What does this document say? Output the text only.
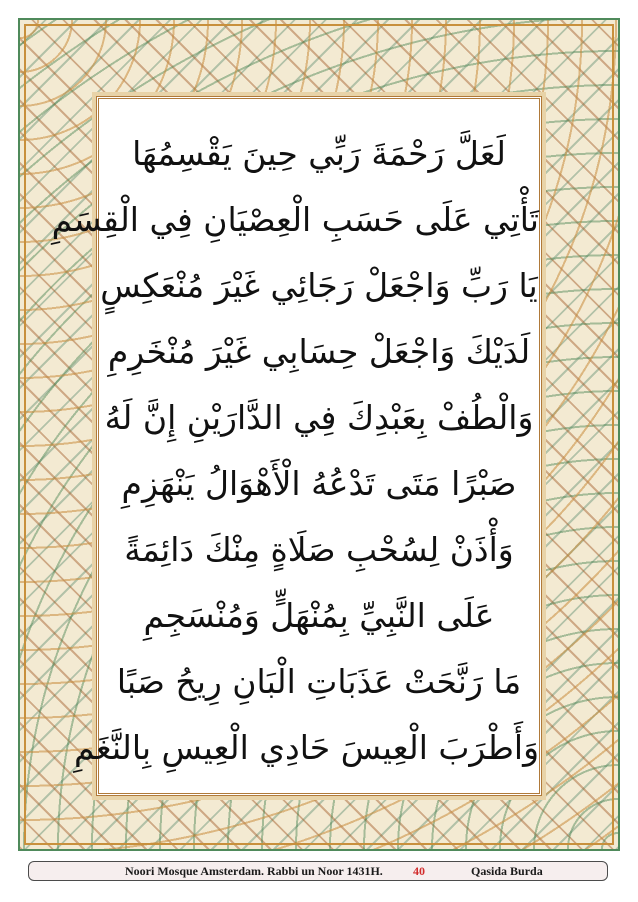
لَعَلَّ رَحْمَةَ رَبِّي حِينَ يَقْسِمُهَا
تَأْتِي عَلَى حَسَبِ الْعِصْيَانِ فِي الْقِسَمِ
يَا رَبِّ وَاجْعَلْ رَجَائِي غَيْرَ مُنْعَكِسٍ
لَدَيْكَ وَاجْعَلْ حِسَابِي غَيْرَ مُنْخَرِمِ
وَالْطُفْ بِعَبْدِكَ فِي الدَّارَيْنِ إِنَّ لَهُ
صَبْرًا مَتَى تَدْعُهُ الْأَهْوَالُ يَنْهَزِمِ
وَأْذَنْ لِسُحْبِ صَلَاةٍ مِنْكَ دَائِمَةً
عَلَى النَّبِيِّ بِمُنْهَلٍّ وَمُنْسَجِمِ
مَا رَنَّحَتْ عَذَبَاتِ الْبَانِ رِيحُ صَبًا
وَأَطْرَبَ الْعِيسَ حَادِي الْعِيسِ بِالنَّغَمِ
Noori Mosque Amsterdam. Rabbi un Noor 1431H.	40	Qasida Burda
